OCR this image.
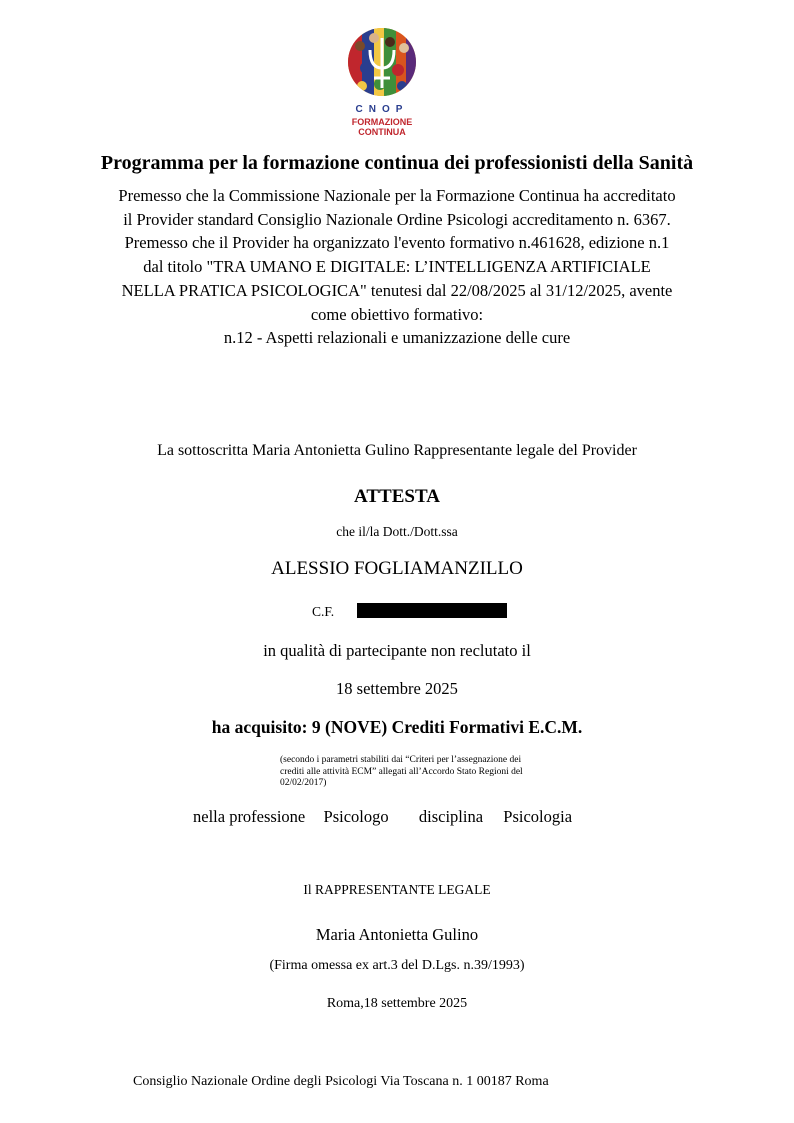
CNOP
FORMAZIONE
CONTINUA
Programma per la formazione continua dei professionisti della Sanità
Premesso che la Commissione Nazionale per la Formazione Continua ha accreditato
il Provider standard Consiglio Nazionale Ordine Psicologi accreditamento n. 6367.
Premesso che il Provider ha organizzato l'evento formativo n.461628, edizione n.1
dal titolo "TRA UMANO E DIGITALE: L’INTELLIGENZA ARTIFICIALE
NELLA PRATICA PSICOLOGICA" tenutesi dal 22/08/2025 al 31/12/2025, avente
come obiettivo formativo:
n.12 - Aspetti relazionali e umanizzazione delle cure
La sottoscritta Maria Antonietta Gulino Rappresentante legale del Provider
ATTESTA
che il/la Dott./Dott.ssa
ALESSIO FOGLIAMANZILLO
C.F.
in qualità di partecipante non reclutato il
18 settembre 2025
ha acquisito: 9 (NOVE) Crediti Formativi E.C.M.
(secondo i parametri stabiliti dai “Criteri per l’assegnazione dei
crediti alle attività ECM” allegati all’Accordo Stato Regioni del
02/02/2017)
nella professione Psicologo disciplina Psicologia
Il RAPPRESENTANTE LEGALE
Maria Antonietta Gulino
(Firma omessa ex art.3 del D.Lgs. n.39/1993)
Roma,18 settembre 2025
Consiglio Nazionale Ordine degli Psicologi Via Toscana n. 1 00187 Roma
